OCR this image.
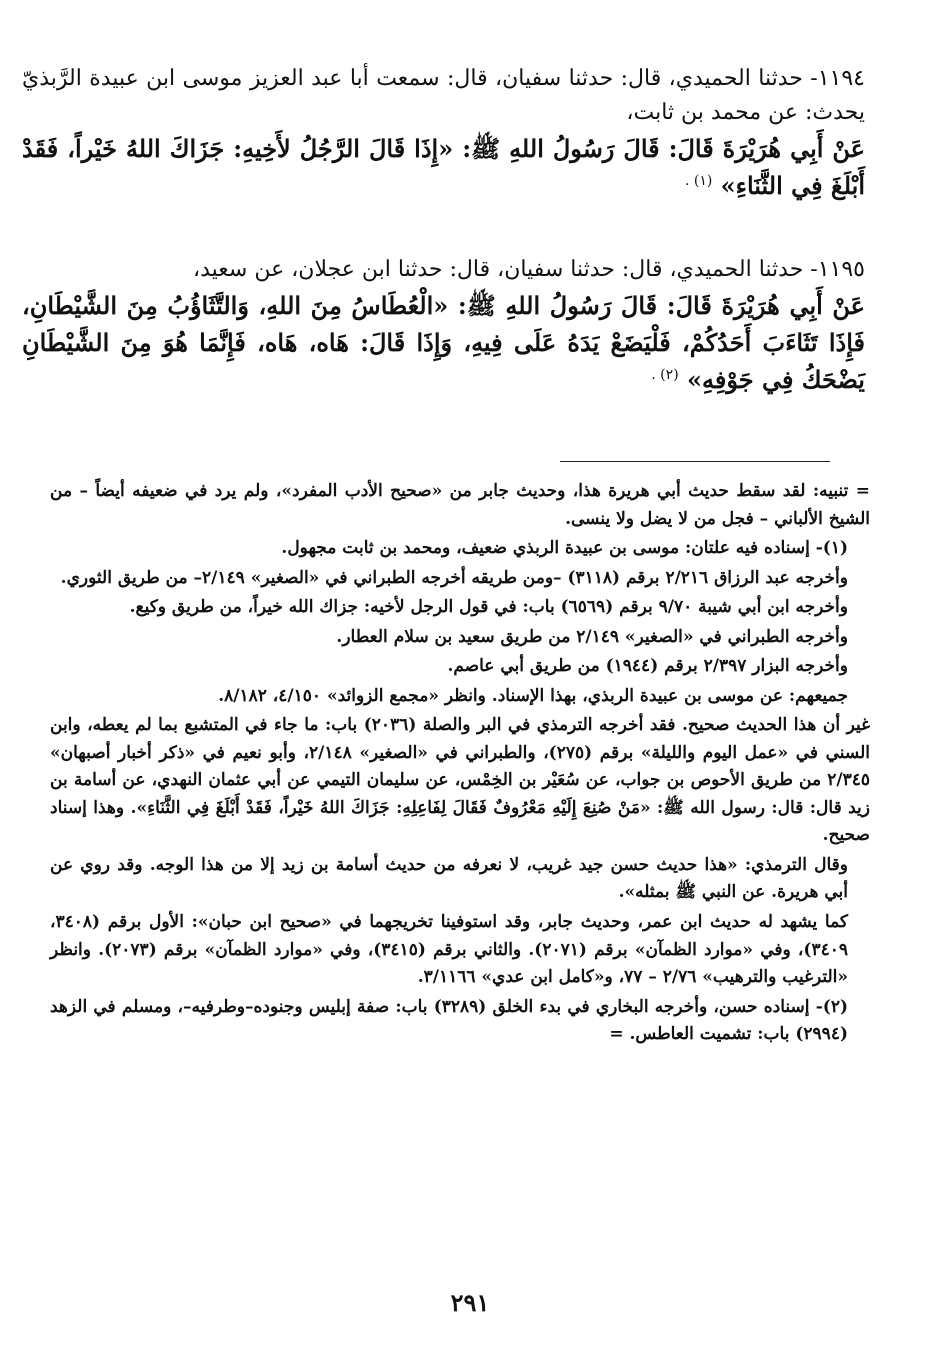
١١٩٤- حدثنا الحميدي، قال: حدثنا سفيان، قال: سمعت أبا عبد العزيز موسى ابن عبيدة الرَّبذيّ يحدث: عن محمد بن ثابت،

عَنْ أَبِي هُرَيْرَةَ قَالَ: قَالَ رَسُولُ اللهِ ﷺ: «إِذَا قَالَ الرَّجُلُ لأَخِيهِ: جَزَاكَ اللهُ خَيْراً، فَقَدْ أَبْلَغَ فِي الثَّنَاءِ» $^{(١) .}$

١١٩٥- حدثنا الحميدي، قال: حدثنا سفيان، قال: حدثنا ابن عجلان، عن سعيد،

عَنْ أَبِي هُرَيْرَةَ قَالَ: قَالَ رَسُولُ اللهِ ﷺ: «الْعُطَاسُ مِنَ اللهِ، وَالتَّثَاؤُبُ مِنَ الشَّيْطَانِ، فَإِذَا تَثَاءَبَ أَحَدُكُمْ، فَلْيَضَعْ يَدَهُ عَلَى فِيهِ، وَإِذَا قَالَ: هَاه، هَاه، فَإِنَّمَا هُوَ مِنَ الشَّيْطَانِ يَضْحَكُ فِي جَوْفِهِ» $^{(٢) .}$

= تنبيه: لقد سقط حديث أبي هريرة هذا، وحديث جابر من «صحيح الأدب المفرد»، ولم يرد في ضعيفه أيضاً – من الشيخ الألباني – فجل من لا يضل ولا ينسى.

(١)- إسناده فيه علتان: موسى بن عبيدة الربذي ضعيف، ومحمد بن ثابت مجهول.

وأخرجه عبد الرزاق ٢/٢١٦ برقم (٣١١٨) –ومن طريقه أخرجه الطبراني في «الصغير» ٢/١٤٩– من طريق الثوري.

وأخرجه ابن أبي شيبة ٩/٧٠ برقم (٦٥٦٩) باب: في قول الرجل لأخيه: جزاك الله خيراً، من طريق وكيع.

وأخرجه الطبراني في «الصغير» ٢/١٤٩ من طريق سعيد بن سلام العطار.

وأخرجه البزار ٢/٣٩٧ برقم (١٩٤٤) من طريق أبي عاصم.

جميعهم: عن موسى بن عبيدة الربذي، بهذا الإسناد. وانظر «مجمع الزوائد» ٤/١٥٠، ٨/١٨٢.

غير أن هذا الحديث صحيح. فقد أخرجه الترمذي في البر والصلة (٢٠٣٦) باب: ما جاء في المتشبع بما لم يعطه، وابن السني في «عمل اليوم والليلة» برقم (٢٧٥)، والطبراني في «الصغير» ٢/١٤٨، وأبو نعيم في «ذكر أخبار أصبهان» ٢/٣٤٥ من طريق الأحوص بن جواب، عن سُعَيْر بن الخِمْس، عن سليمان التيمي عن أبي عثمان النهدي، عن أسامة بن زيد قال: قال: رسول الله ﷺ: «مَنْ صُنِعَ إِلَيْهِ مَعْرُوفٌ فَقَالَ لِفَاعِلِهِ: جَزَاكَ اللهُ خَيْراً، فَقَدْ أَبْلَغَ فِي الثَّنَاءِ». وهذا إسناد صحيح.

وقال الترمذي: «هذا حديث حسن جيد غريب، لا نعرفه من حديث أسامة بن زيد إلا من هذا الوجه. وقد روي عن أبي هريرة. عن النبي ﷺ بمثله».

كما يشهد له حديث ابن عمر، وحديث جابر، وقد استوفينا تخريجهما في «صحيح ابن حبان»: الأول برقم (٣٤٠٨، ٣٤٠٩)، وفي «موارد الظمآن» برقم (٢٠٧١). والثاني برقم (٣٤١٥)، وفي «موارد الظمآن» برقم (٢٠٧٣). وانظر «الترغيب والترهيب» ٢/٧٦ – ٧٧، و«كامل ابن عدي» ٣/١١٦٦.

(٢)- إسناده حسن، وأخرجه البخاري في بدء الخلق (٣٢٨٩) باب: صفة إبليس وجنوده–وطرفيه–، ومسلم في الزهد (٢٩٩٤) باب: تشميت العاطس. =

٢٩١
